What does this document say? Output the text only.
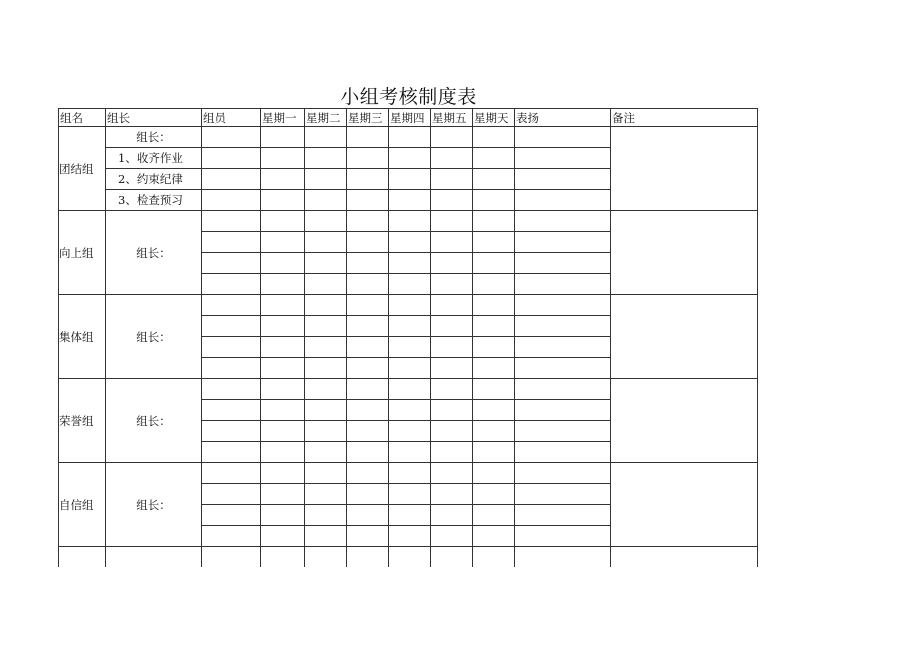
小组考核制度表
组名	组长	组员	星期一	星期二	星期三	星期四	星期五	星期天	表扬	备注
团结组	组长：									
	1、收齐作业									
	2、约束纪律									
	3、检查预习									
向上组	组长：									

集体组	组长：									

荣誉组	组长：									

自信组	组长：									
